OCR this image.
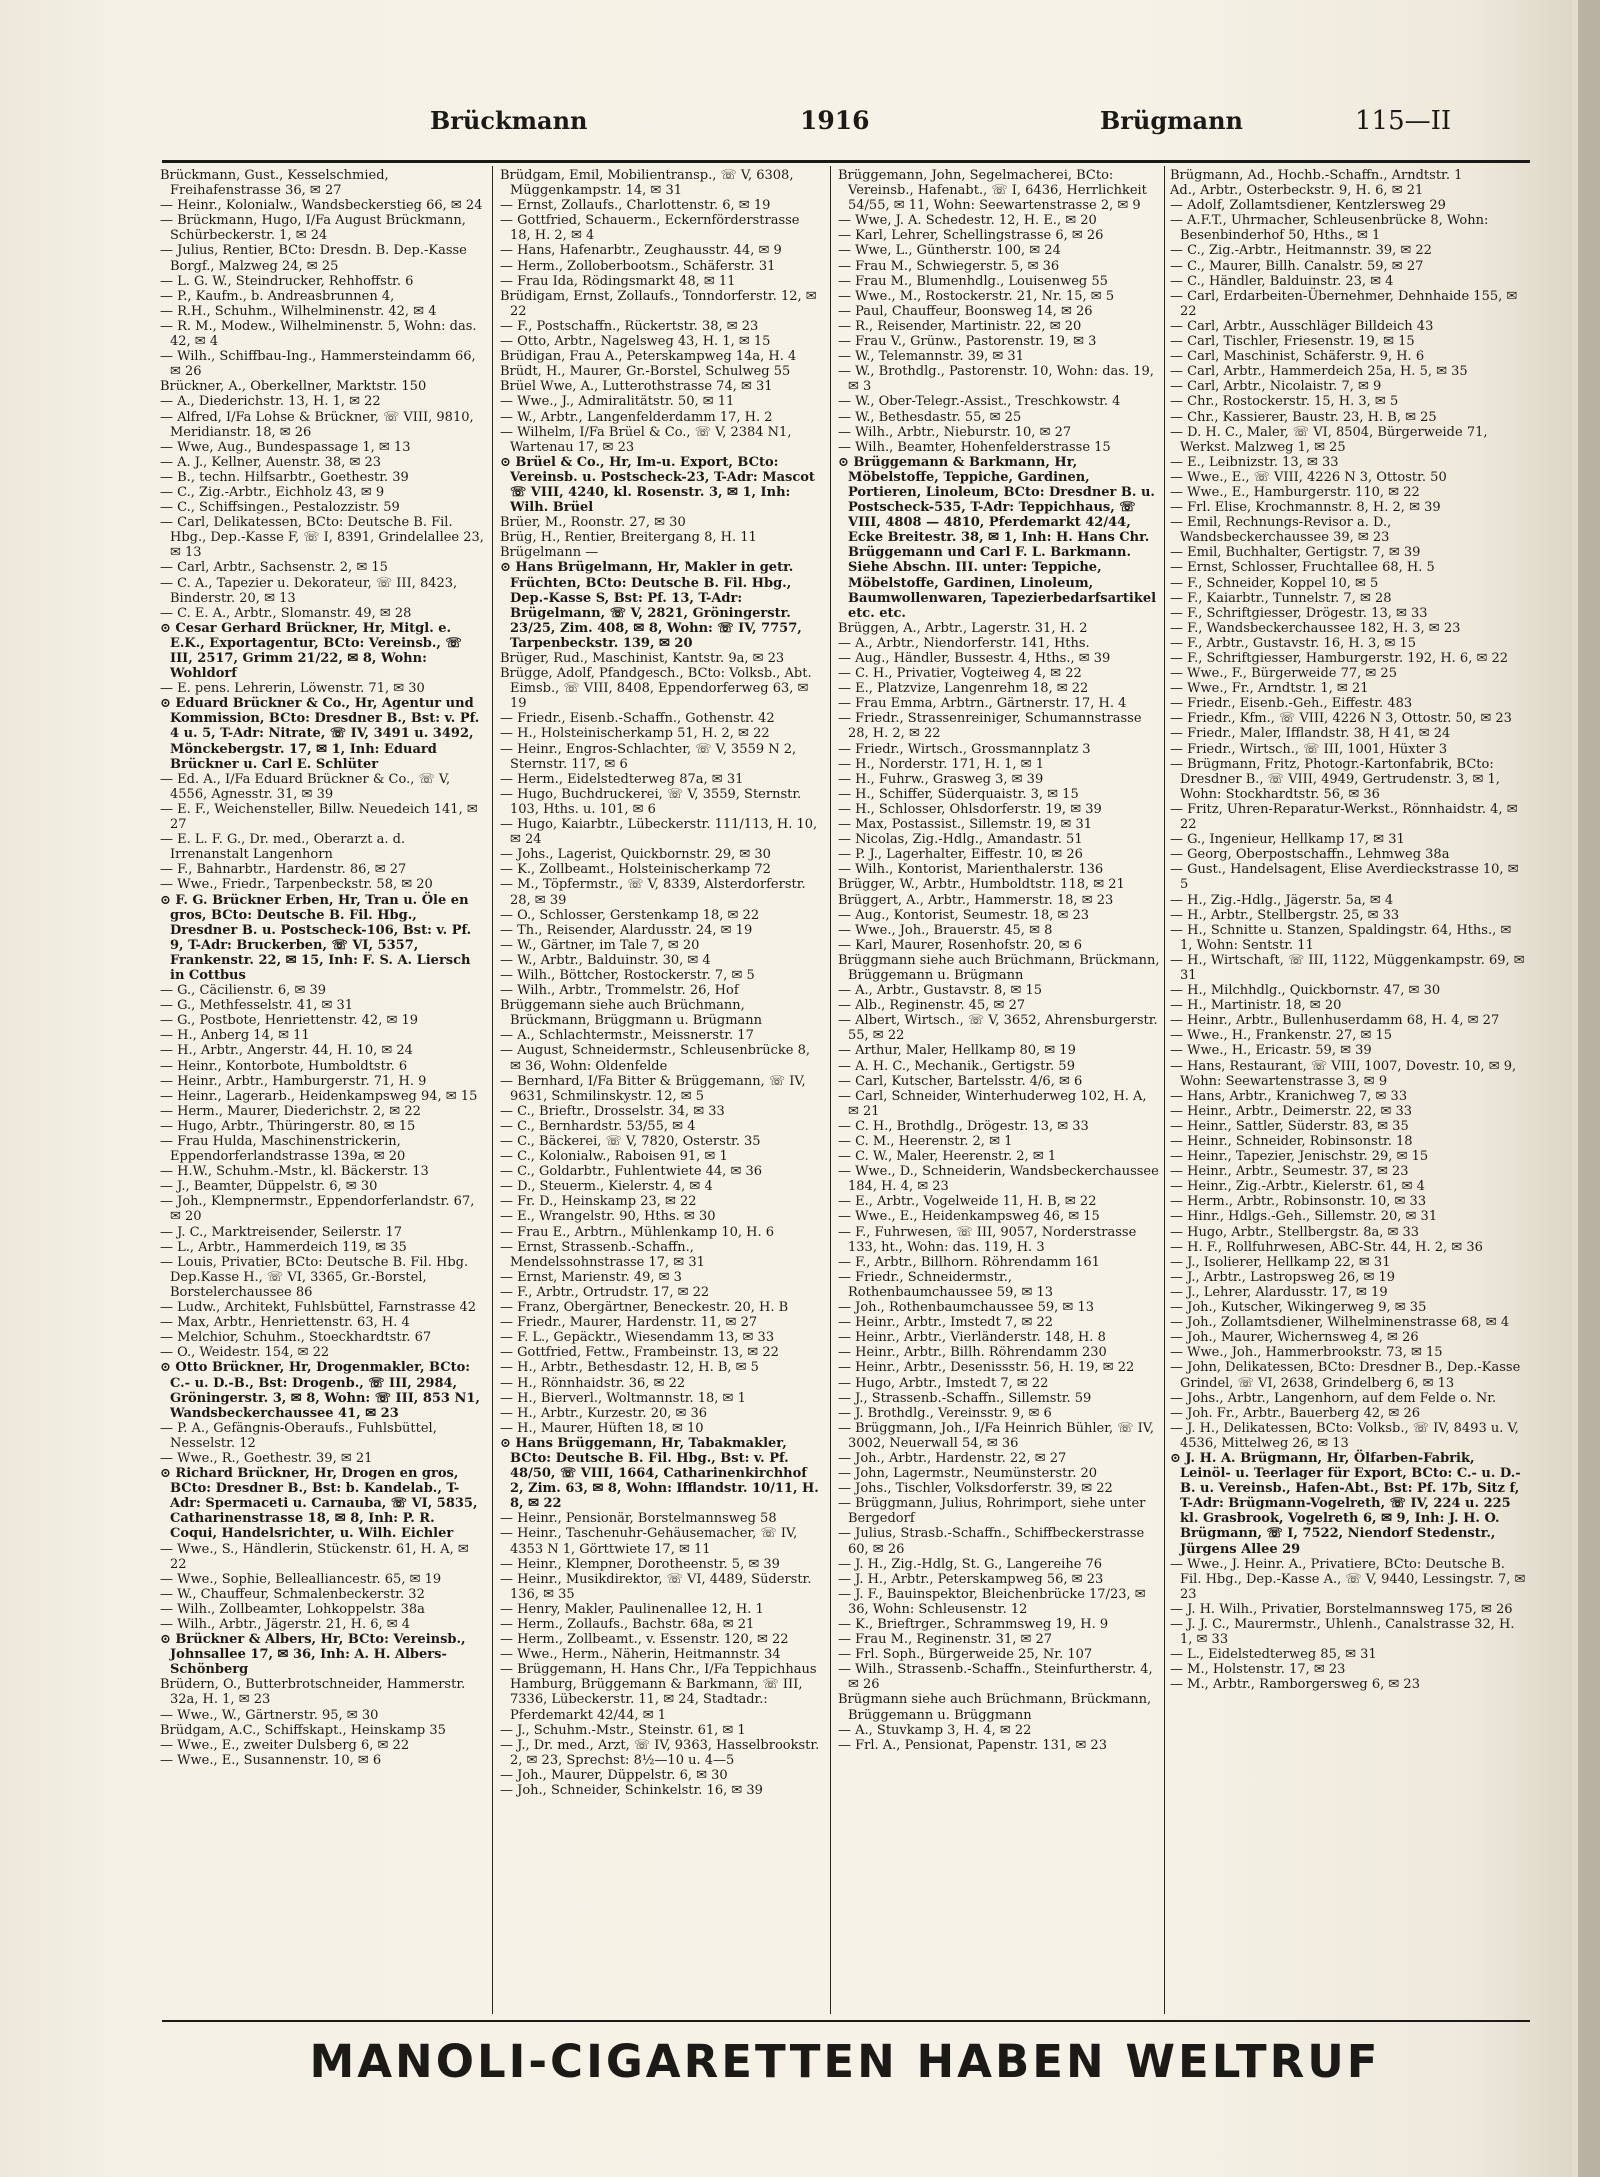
Brückmann	1916	Brügmann	115—II

Brückmann, Gust., Kesselschmied, Freihafenstrasse 36, ✉ 27

— Heinr., Kolonialw., Wandsbeckerstieg 66, ✉ 24

— Brückmann, Hugo, I/Fa August Brückmann, Schürbeckerstr. 1, ✉ 24

— Julius, Rentier, BCto: Dresdn. B. Dep.-Kasse Borgf., Malzweg 24, ✉ 25

— L. G. W., Steindrucker, Rehhoffstr. 6

— P., Kaufm., b. Andreasbrunnen 4,

— R.H., Schuhm., Wilhelminenstr. 42, ✉ 4

— R. M., Modew., Wilhelminenstr. 5, Wohn: das. 42, ✉ 4

— Wilh., Schiffbau-Ing., Hammersteindamm 66, ✉ 26

Brückner, A., Oberkellner, Marktstr. 150

— A., Diederichstr. 13, H. 1, ✉ 22

— Alfred, I/Fa Lohse & Brückner, ☏ VIII, 9810, Meridianstr. 18, ✉ 26

— Wwe, Aug., Bundespassage 1, ✉ 13

— A. J., Kellner, Auenstr. 38, ✉ 23

— B., techn. Hilfsarbtr., Goethestr. 39

— C., Zig.-Arbtr., Eichholz 43, ✉ 9

— C., Schiffsingen., Pestalozzistr. 59

— Carl, Delikatessen, BCto: Deutsche B. Fil. Hbg., Dep.-Kasse F, ☏ I, 8391, Grindelallee 23, ✉ 13

— Carl, Arbtr., Sachsenstr. 2, ✉ 15

— C. A., Tapezier u. Dekorateur, ☏ III, 8423, Binderstr. 20, ✉ 13

— C. E. A., Arbtr., Slomanstr. 49, ✉ 28

⊙ Cesar Gerhard Brückner, Hr, Mitgl. e. E.K., Exportagentur, BCto: Vereinsb., ☏ III, 2517, Grimm 21/22, ✉ 8, Wohn: Wohldorf

— E. pens. Lehrerin, Löwenstr. 71, ✉ 30

⊙ Eduard Brückner & Co., Hr, Agentur und Kommission, BCto: Dresdner B., Bst: v. Pf. 4 u. 5, T-Adr: Nitrate, ☏ IV, 3491 u. 3492, Mönckebergstr. 17, ✉ 1, Inh: Eduard Brückner u. Carl E. Schlüter

— Ed. A., I/Fa Eduard Brückner & Co., ☏ V, 4556, Agnesstr. 31, ✉ 39

— E. F., Weichensteller, Billw. Neuedeich 141, ✉ 27

— E. L. F. G., Dr. med., Oberarzt a. d. Irrenanstalt Langenhorn

— F., Bahnarbtr., Hardenstr. 86, ✉ 27

— Wwe., Friedr., Tarpenbeckstr. 58, ✉ 20

⊙ F. G. Brückner Erben, Hr, Tran u. Öle en gros, BCto: Deutsche B. Fil. Hbg., Dresdner B. u. Postscheck-106, Bst: v. Pf. 9, T-Adr: Bruckerben, ☏ VI, 5357, Frankenstr. 22, ✉ 15, Inh: F. S. A. Liersch in Cottbus

— G., Cäcilienstr. 6, ✉ 39

— G., Methfesselstr. 41, ✉ 31

— G., Postbote, Henriettenstr. 42, ✉ 19

— H., Anberg 14, ✉ 11

— H., Arbtr., Angerstr. 44, H. 10, ✉ 24

— Heinr., Kontorbote, Humboldtstr. 6

— Heinr., Arbtr., Hamburgerstr. 71, H. 9

— Heinr., Lagerarb., Heidenkampsweg 94, ✉ 15

— Herm., Maurer, Diederichstr. 2, ✉ 22

— Hugo, Arbtr., Thüringerstr. 80, ✉ 15

— Frau Hulda, Maschinenstrickerin, Eppendorferlandstrasse 139a, ✉ 20

— H.W., Schuhm.-Mstr., kl. Bäckerstr. 13

— J., Beamter, Düppelstr. 6, ✉ 30

— Joh., Klempnermstr., Eppendorferlandstr. 67, ✉ 20

— J. C., Marktreisender, Seilerstr. 17

— L., Arbtr., Hammerdeich 119, ✉ 35

— Louis, Privatier, BCto: Deutsche B. Fil. Hbg. Dep.Kasse H., ☏ VI, 3365, Gr.-Borstel, Borstelerchaussee 86

— Ludw., Architekt, Fuhlsbüttel, Farnstrasse 42

— Max, Arbtr., Henriettenstr. 63, H. 4

— Melchior, Schuhm., Stoeckhardtstr. 67

— O., Weidestr. 154, ✉ 22

⊙ Otto Brückner, Hr, Drogenmakler, BCto: C.- u. D.-B., Bst: Drogenb., ☏ III, 2984, Gröningerstr. 3, ✉ 8, Wohn: ☏ III, 853 N1, Wandsbeckerchaussee 41, ✉ 23

— P. A., Gefängnis-Oberaufs., Fuhlsbüttel, Nesselstr. 12

— Wwe., R., Goethestr. 39, ✉ 21

⊙ Richard Brückner, Hr, Drogen en gros, BCto: Dresdner B., Bst: b. Kandelab., T-Adr: Spermaceti u. Carnauba, ☏ VI, 5835, Catharinenstrasse 18, ✉ 8, Inh: P. R. Coqui, Handelsrichter, u. Wilh. Eichler

— Wwe., S., Händlerin, Stückenstr. 61, H. A, ✉ 22

— Wwe., Sophie, Bellealliancestr. 65, ✉ 19

— W., Chauffeur, Schmalenbeckerstr. 32

— Wilh., Zollbeamter, Lohkoppelstr. 38a

— Wilh., Arbtr., Jägerstr. 21, H. 6, ✉ 4

⊙ Brückner & Albers, Hr, BCto: Vereinsb., Johnsallee 17, ✉ 36, Inh: A. H. Albers-Schönberg

Brüdern, O., Butterbrotschneider, Hammerstr. 32a, H. 1, ✉ 23

— Wwe., W., Gärtnerstr. 95, ✉ 30

Brüdgam, A.C., Schiffskapt., Heinskamp 35

— Wwe., E., zweiter Dulsberg 6, ✉ 22

— Wwe., E., Susannenstr. 10, ✉ 6

Brüdgam, Emil, Mobilientransp., ☏ V, 6308, Müggenkampstr. 14, ✉ 31

— Ernst, Zollaufs., Charlottenstr. 6, ✉ 19

— Gottfried, Schauerm., Eckernförderstrasse 18, H. 2, ✉ 4

— Hans, Hafenarbtr., Zeughausstr. 44, ✉ 9

— Herm., Zolloberbootsm., Schäferstr. 31

— Frau Ida, Rödingsmarkt 48, ✉ 11

Brüdigam, Ernst, Zollaufs., Tonndorferstr. 12, ✉ 22

— F., Postschaffn., Rückertstr. 38, ✉ 23

— Otto, Arbtr., Nagelsweg 43, H. 1, ✉ 15

Brüdigan, Frau A., Peterskampweg 14a, H. 4

Brüdt, H., Maurer, Gr.-Borstel, Schulweg 55

Brüel Wwe, A., Lutterothstrasse 74, ✉ 31

— Wwe., J., Admiralitätstr. 50, ✉ 11

— W., Arbtr., Langenfelderdamm 17, H. 2

— Wilhelm, I/Fa Brüel & Co., ☏ V, 2384 N1, Wartenau 17, ✉ 23

⊙ Brüel & Co., Hr, Im-u. Export, BCto: Vereinsb. u. Postscheck-23, T-Adr: Mascot ☏ VIII, 4240, kl. Rosenstr. 3, ✉ 1, Inh: Wilh. Brüel

Brüer, M., Roonstr. 27, ✉ 30

Brüg, H., Rentier, Breitergang 8, H. 11

Brügelmann —

⊙ Hans Brügelmann, Hr, Makler in getr. Früchten, BCto: Deutsche B. Fil. Hbg., Dep.-Kasse S, Bst: Pf. 13, T-Adr: Brügelmann, ☏ V, 2821, Gröningerstr. 23/25, Zim. 408, ✉ 8, Wohn: ☏ IV, 7757, Tarpenbeckstr. 139, ✉ 20

Brüger, Rud., Maschinist, Kantstr. 9a, ✉ 23

Brügge, Adolf, Pfandgesch., BCto: Volksb., Abt. Eimsb., ☏ VIII, 8408, Eppendorferweg 63, ✉ 19

— Friedr., Eisenb.-Schaffn., Gothenstr. 42

— H., Holsteinischerkamp 51, H. 2, ✉ 22

— Heinr., Engros-Schlachter, ☏ V, 3559 N 2, Sternstr. 117, ✉ 6

— Herm., Eidelstedterweg 87a, ✉ 31

— Hugo, Buchdruckerei, ☏ V, 3559, Sternstr. 103, Hths. u. 101, ✉ 6

— Hugo, Kaiarbtr., Lübeckerstr. 111/113, H. 10, ✉ 24

— Johs., Lagerist, Quickbornstr. 29, ✉ 30

— K., Zollbeamt., Holsteinischerkamp 72

— M., Töpfermstr., ☏ V, 8339, Alsterdorferstr. 28, ✉ 39

— O., Schlosser, Gerstenkamp 18, ✉ 22

— Th., Reisender, Alardusstr. 24, ✉ 19

— W., Gärtner, im Tale 7, ✉ 20

— W., Arbtr., Balduinstr. 30, ✉ 4

— Wilh., Böttcher, Rostockerstr. 7, ✉ 5

— Wilh., Arbtr., Trommelstr. 26, Hof

Brüggemann siehe auch Brüchmann, Brückmann, Brüggmann u. Brügmann

— A., Schlachtermstr., Meissnerstr. 17

— August, Schneidermstr., Schleusenbrücke 8, ✉ 36, Wohn: Oldenfelde

— Bernhard, I/Fa Bitter & Brüggemann, ☏ IV, 9631, Schmilinskystr. 12, ✉ 5

— C., Brieftr., Drosselstr. 34, ✉ 33

— C., Bernhardstr. 53/55, ✉ 4

— C., Bäckerei, ☏ V, 7820, Osterstr. 35

— C., Kolonialw., Raboisen 91, ✉ 1

— C., Goldarbtr., Fuhlentwiete 44, ✉ 36

— D., Steuerm., Kielerstr. 4, ✉ 4

— Fr. D., Heinskamp 23, ✉ 22

— E., Wrangelstr. 90, Hths. ✉ 30

— Frau E., Arbtrn., Mühlenkamp 10, H. 6

— Ernst, Strassenb.-Schaffn., Mendelssohnstrasse 17, ✉ 31

— Ernst, Marienstr. 49, ✉ 3

— F., Arbtr., Ortrudstr. 17, ✉ 22

— Franz, Obergärtner, Beneckestr. 20, H. B

— Friedr., Maurer, Hardenstr. 11, ✉ 27

— F. L., Gepäcktr., Wiesendamm 13, ✉ 33

— Gottfried, Fettw., Frambeinstr. 13, ✉ 22

— H., Arbtr., Bethesdastr. 12, H. B, ✉ 5

— H., Rönnhaidstr. 36, ✉ 22

— H., Bierverl., Woltmannstr. 18, ✉ 1

— H., Arbtr., Kurzestr. 20, ✉ 36

— H., Maurer, Hüften 18, ✉ 10

⊙ Hans Brüggemann, Hr, Tabakmakler, BCto: Deutsche B. Fil. Hbg., Bst: v. Pf. 48/50, ☏ VIII, 1664, Catharinenkirchhof 2, Zim. 63, ✉ 8, Wohn: Ifflandstr. 10/11, H. 8, ✉ 22

— Heinr., Pensionär, Borstelmannsweg 58

— Heinr., Taschenuhr-Gehäusemacher, ☏ IV, 4353 N 1, Görttwiete 17, ✉ 11

— Heinr., Klempner, Dorotheenstr. 5, ✉ 39

— Heinr., Musikdirektor, ☏ VI, 4489, Süderstr. 136, ✉ 35

— Henry, Makler, Paulinenallee 12, H. 1

— Herm., Zollaufs., Bachstr. 68a, ✉ 21

— Herm., Zollbeamt., v. Essenstr. 120, ✉ 22

— Wwe., Herm., Näherin, Heitmannstr. 34

— Brüggemann, H. Hans Chr., I/Fa Teppichhaus Hamburg, Brüggemann & Barkmann, ☏ III, 7336, Lübeckerstr. 11, ✉ 24, Stadtadr.: Pferdemarkt 42/44, ✉ 1

— J., Schuhm.-Mstr., Steinstr. 61, ✉ 1

— J., Dr. med., Arzt, ☏ IV, 9363, Hasselbrookstr. 2, ✉ 23, Sprechst: 8½—10 u. 4—5

— Joh., Maurer, Düppelstr. 6, ✉ 30

— Joh., Schneider, Schinkelstr. 16, ✉ 39

Brüggemann, John, Segelmacherei, BCto: Vereinsb., Hafenabt., ☏ I, 6436, Herrlichkeit 54/55, ✉ 11, Wohn: Seewartenstrasse 2, ✉ 9

— Wwe, J. A. Schedestr. 12, H. E., ✉ 20

— Karl, Lehrer, Schellingstrasse 6, ✉ 26

— Wwe, L., Güntherstr. 100, ✉ 24

— Frau M., Schwiegerstr. 5, ✉ 36

— Frau M., Blumenhdlg., Louisenweg 55

— Wwe., M., Rostockerstr. 21, Nr. 15, ✉ 5

— Paul, Chauffeur, Boonsweg 14, ✉ 26

— R., Reisender, Martinistr. 22, ✉ 20

— Frau V., Grünw., Pastorenstr. 19, ✉ 3

— W., Telemannstr. 39, ✉ 31

— W., Brothdlg., Pastorenstr. 10, Wohn: das. 19, ✉ 3

— W., Ober-Telegr.-Assist., Treschkowstr. 4

— W., Bethesdastr. 55, ✉ 25

— Wilh., Arbtr., Nieburstr. 10, ✉ 27

— Wilh., Beamter, Hohenfelderstrasse 15

⊙ Brüggemann & Barkmann, Hr, Möbelstoffe, Teppiche, Gardinen, Portieren, Linoleum, BCto: Dresdner B. u. Postscheck-535, T-Adr: Teppichhaus, ☏ VIII, 4808 — 4810, Pferdemarkt 42/44, Ecke Breitestr. 38, ✉ 1, Inh: H. Hans Chr. Brüggemann und Carl F. L. Barkmann. Siehe Abschn. III. unter: Teppiche, Möbelstoffe, Gardinen, Linoleum, Baumwollenwaren, Tapezierbedarfsartikel etc. etc.

Brüggen, A., Arbtr., Lagerstr. 31, H. 2

— A., Arbtr., Niendorferstr. 141, Hths.

— Aug., Händler, Bussestr. 4, Hths., ✉ 39

— C. H., Privatier, Vogteiweg 4, ✉ 22

— E., Platzvize, Langenrehm 18, ✉ 22

— Frau Emma, Arbtrn., Gärtnerstr. 17, H. 4

— Friedr., Strassenreiniger, Schumannstrasse 28, H. 2, ✉ 22

— Friedr., Wirtsch., Grossmannplatz 3

— H., Norderstr. 171, H. 1, ✉ 1

— H., Fuhrw., Grasweg 3, ✉ 39

— H., Schiffer, Süderquaistr. 3, ✉ 15

— H., Schlosser, Ohlsdorferstr. 19, ✉ 39

— Max, Postassist., Sillemstr. 19, ✉ 31

— Nicolas, Zig.-Hdlg., Amandastr. 51

— P. J., Lagerhalter, Eiffestr. 10, ✉ 26

— Wilh., Kontorist, Marienthalerstr. 136

Brügger, W., Arbtr., Humboldtstr. 118, ✉ 21

Brüggert, A., Arbtr., Hammerstr. 18, ✉ 23

— Aug., Kontorist, Seumestr. 18, ✉ 23

— Wwe., Joh., Brauerstr. 45, ✉ 8

— Karl, Maurer, Rosenhofstr. 20, ✉ 6

Brüggmann siehe auch Brüchmann, Brückmann, Brüggemann u. Brügmann

— A., Arbtr., Gustavstr. 8, ✉ 15

— Alb., Reginenstr. 45, ✉ 27

— Albert, Wirtsch., ☏ V, 3652, Ahrensburgerstr. 55, ✉ 22

— Arthur, Maler, Hellkamp 80, ✉ 19

— A. H. C., Mechanik., Gertigstr. 59

— Carl, Kutscher, Bartelsstr. 4/6, ✉ 6

— Carl, Schneider, Winterhuderweg 102, H. A, ✉ 21

— C. H., Brothdlg., Drögestr. 13, ✉ 33

— C. M., Heerenstr. 2, ✉ 1

— C. W., Maler, Heerenstr. 2, ✉ 1

— Wwe., D., Schneiderin, Wandsbeckerchaussee 184, H. 4, ✉ 23

— E., Arbtr., Vogelweide 11, H. B, ✉ 22

— Wwe., E., Heidenkampsweg 46, ✉ 15

— F., Fuhrwesen, ☏ III, 9057, Norderstrasse 133, ht., Wohn: das. 119, H. 3

— F., Arbtr., Billhorn. Röhrendamm 161

— Friedr., Schneidermstr., Rothenbaumchaussee 59, ✉ 13

— Joh., Rothenbaumchaussee 59, ✉ 13

— Heinr., Arbtr., Imstedt 7, ✉ 22

— Heinr., Arbtr., Vierländerstr. 148, H. 8

— Heinr., Arbtr., Billh. Röhrendamm 230

— Heinr., Arbtr., Desenissstr. 56, H. 19, ✉ 22

— Hugo, Arbtr., Imstedt 7, ✉ 22

— J., Strassenb.-Schaffn., Sillemstr. 59

— J. Brothdlg., Vereinsstr. 9, ✉ 6

— Brüggmann, Joh., I/Fa Heinrich Bühler, ☏ IV, 3002, Neuerwall 54, ✉ 36

— Joh., Arbtr., Hardenstr. 22, ✉ 27

— John, Lagermstr., Neumünsterstr. 20

— Johs., Tischler, Volksdorferstr. 39, ✉ 22

— Brüggmann, Julius, Rohrimport, siehe unter Bergedorf

— Julius, Strasb.-Schaffn., Schiffbeckerstrasse 60, ✉ 26

— J. H., Zig.-Hdlg, St. G., Langereihe 76

— J. H., Arbtr., Peterskampweg 56, ✉ 23

— J. F., Bauinspektor, Bleichenbrücke 17/23, ✉ 36, Wohn: Schleusenstr. 12

— K., Brieftrger., Schrammsweg 19, H. 9

— Frau M., Reginenstr. 31, ✉ 27

— Frl. Soph., Bürgerweide 25, Nr. 107

— Wilh., Strassenb.-Schaffn., Steinfurtherstr. 4, ✉ 26

Brügmann siehe auch Brüchmann, Brückmann, Brüggemann u. Brüggmann

— A., Stuvkamp 3, H. 4, ✉ 22

— Frl. A., Pensionat, Papenstr. 131, ✉ 23

Brügmann, Ad., Hochb.-Schaffn., Arndtstr. 1

Ad., Arbtr., Osterbeckstr. 9, H. 6, ✉ 21

— Adolf, Zollamtsdiener, Kentzlersweg 29

— A.F.T., Uhrmacher, Schleusenbrücke 8, Wohn: Besenbinderhof 50, Hths., ✉ 1

— C., Zig.-Arbtr., Heitmannstr. 39, ✉ 22

— C., Maurer, Billh. Canalstr. 59, ✉ 27

— C., Händler, Balduinstr. 23, ✉ 4

— Carl, Erdarbeiten-Übernehmer, Dehnhaide 155, ✉ 22

— Carl, Arbtr., Ausschläger Billdeich 43

— Carl, Tischler, Friesenstr. 19, ✉ 15

— Carl, Maschinist, Schäferstr. 9, H. 6

— Carl, Arbtr., Hammerdeich 25a, H. 5, ✉ 35

— Carl, Arbtr., Nicolaistr. 7, ✉ 9

— Chr., Rostockerstr. 15, H. 3, ✉ 5

— Chr., Kassierer, Baustr. 23, H. B, ✉ 25

— D. H. C., Maler, ☏ VI, 8504, Bürgerweide 71, Werkst. Malzweg 1, ✉ 25

— E., Leibnizstr. 13, ✉ 33

— Wwe., E., ☏ VIII, 4226 N 3, Ottostr. 50

— Wwe., E., Hamburgerstr. 110, ✉ 22

— Frl. Elise, Krochmannstr. 8, H. 2, ✉ 39

— Emil, Rechnungs-Revisor a. D., Wandsbeckerchaussee 39, ✉ 23

— Emil, Buchhalter, Gertigstr. 7, ✉ 39

— Ernst, Schlosser, Fruchtallee 68, H. 5

— F., Schneider, Koppel 10, ✉ 5

— F., Kaiarbtr., Tunnelstr. 7, ✉ 28

— F., Schriftgiesser, Drögestr. 13, ✉ 33

— F., Wandsbeckerchaussee 182, H. 3, ✉ 23

— F., Arbtr., Gustavstr. 16, H. 3, ✉ 15

— F., Schriftgiesser, Hamburgerstr. 192, H. 6, ✉ 22

— Wwe., F., Bürgerweide 77, ✉ 25

— Wwe., Fr., Arndtstr. 1, ✉ 21

— Friedr., Eisenb.-Geh., Eiffestr. 483

— Friedr., Kfm., ☏ VIII, 4226 N 3, Ottostr. 50, ✉ 23

— Friedr., Maler, Ifflandstr. 38, H 41, ✉ 24

— Friedr., Wirtsch., ☏ III, 1001, Hüxter 3

— Brügmann, Fritz, Photogr.-Kartonfabrik, BCto: Dresdner B., ☏ VIII, 4949, Gertrudenstr. 3, ✉ 1, Wohn: Stockhardtstr. 56, ✉ 36

— Fritz, Uhren-Reparatur-Werkst., Rönnhaidstr. 4, ✉ 22

— G., Ingenieur, Hellkamp 17, ✉ 31

— Georg, Oberpostschaffn., Lehmweg 38a

— Gust., Handelsagent, Elise Averdieckstrasse 10, ✉ 5

— H., Zig.-Hdlg., Jägerstr. 5a, ✉ 4

— H., Arbtr., Stellbergstr. 25, ✉ 33

— H., Schnitte u. Stanzen, Spaldingstr. 64, Hths., ✉ 1, Wohn: Sentstr. 11

— H., Wirtschaft, ☏ III, 1122, Müggenkampstr. 69, ✉ 31

— H., Milchhdlg., Quickbornstr. 47, ✉ 30

— H., Martinistr. 18, ✉ 20

— Heinr., Arbtr., Bullenhuserdamm 68, H. 4, ✉ 27

— Wwe., H., Frankenstr. 27, ✉ 15

— Wwe., H., Ericastr. 59, ✉ 39

— Hans, Restaurant, ☏ VIII, 1007, Dovestr. 10, ✉ 9, Wohn: Seewartenstrasse 3, ✉ 9

— Hans, Arbtr., Kranichweg 7, ✉ 33

— Heinr., Arbtr., Deimerstr. 22, ✉ 33

— Heinr., Sattler, Süderstr. 83, ✉ 35

— Heinr., Schneider, Robinsonstr. 18

— Heinr., Tapezier, Jenischstr. 29, ✉ 15

— Heinr., Arbtr., Seumestr. 37, ✉ 23

— Heinr., Zig.-Arbtr., Kielerstr. 61, ✉ 4

— Herm., Arbtr., Robinsonstr. 10, ✉ 33

— Hinr., Hdlgs.-Geh., Sillemstr. 20, ✉ 31

— Hugo, Arbtr., Stellbergstr. 8a, ✉ 33

— H. F., Rollfuhrwesen, ABC-Str. 44, H. 2, ✉ 36

— J., Isolierer, Hellkamp 22, ✉ 31

— J., Arbtr., Lastropsweg 26, ✉ 19

— J., Lehrer, Alardusstr. 17, ✉ 19

— Joh., Kutscher, Wikingerweg 9, ✉ 35

— Joh., Zollamtsdiener, Wilhelminenstrasse 68, ✉ 4

— Joh., Maurer, Wichernsweg 4, ✉ 26

— Wwe., Joh., Hammerbrookstr. 73, ✉ 15

— John, Delikatessen, BCto: Dresdner B., Dep.-Kasse Grindel, ☏ VI, 2638, Grindelberg 6, ✉ 13

— Johs., Arbtr., Langenhorn, auf dem Felde o. Nr.

— Joh. Fr., Arbtr., Bauerberg 42, ✉ 26

— J. H., Delikatessen, BCto: Volksb., ☏ IV, 8493 u. V, 4536, Mittelweg 26, ✉ 13

⊙ J. H. A. Brügmann, Hr, Ölfarben-Fabrik, Leinöl- u. Teerlager für Export, BCto: C.- u. D.-B. u. Vereinsb., Hafen-Abt., Bst: Pf. 17b, Sitz f, T-Adr: Brügmann-Vogelreth, ☏ IV, 224 u. 225 kl. Grasbrook, Vogelreth 6, ✉ 9, Inh: J. H. O. Brügmann, ☏ I, 7522, Niendorf Stedenstr., Jürgens Allee 29

— Wwe., J. Heinr. A., Privatiere, BCto: Deutsche B. Fil. Hbg., Dep.-Kasse A., ☏ V, 9440, Lessingstr. 7, ✉ 23

— J. H. Wilh., Privatier, Borstelmannsweg 175, ✉ 26

— J. J. C., Maurermstr., Uhlenh., Canalstrasse 32, H. 1, ✉ 33

— L., Eidelstedterweg 85, ✉ 31

— M., Holstenstr. 17, ✉ 23

— M., Arbtr., Ramborgersweg 6, ✉ 23

MANOLI-CIGARETTEN HABEN WELTRUF
